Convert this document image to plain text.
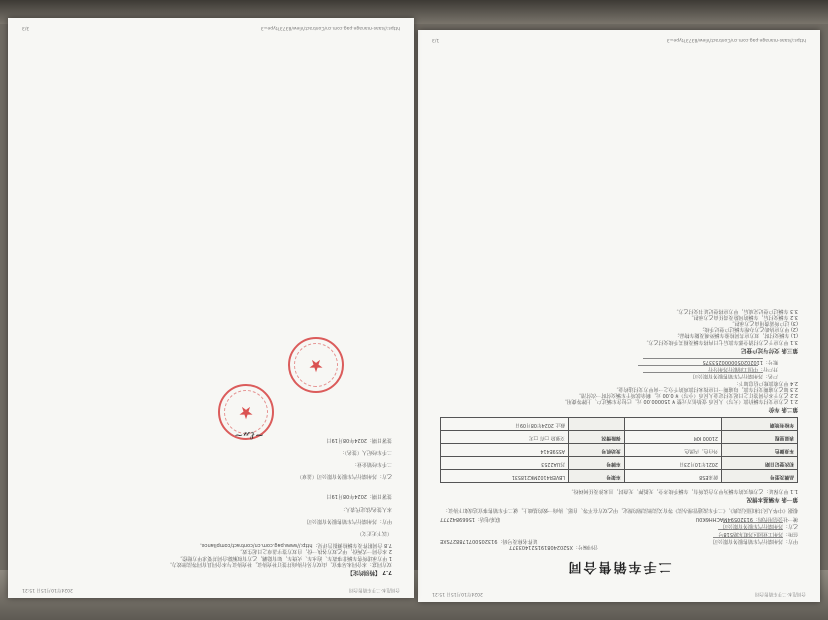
合同范本·二手车销售合同
2024年10月15日 15:21
二手车销售合同
合同编号：XS202408191521403377
甲方：苏州瑞行汽车销售服务有限公司
证件名称及号码：913205007178827SXE
住所：苏州工业园区苏虹东路518号
乙方：苏州瑞行汽车服务有限公司
统一社会信用代码：91320594MACHH6K0U
联系电话：15669842777
根据《中华人民共和国民法典》、《二手车流通管理办法》等有关法律法规的规定，甲乙双方在平等、自愿、协商一致的基础上，就二手车销售事宜达成如下协议：
第一条 车辆基本情况
1.1 甲方保证：乙方购买的车辆为甲方合法所有，车辆手续齐全，无抵押、无查封，且未涉及任何纠纷。
品牌及型号	蔚来ES8	车架号	LBVER4102MK218531
初次登记日期	2021年10月23日	车牌号	苏UA2253
车身颜色	外白色，内黑色	发动机号	A559E414
表显里程	21000 KM	保险情况	交强险 □有 □无
年检有效期			截止 2024年08月09日
第二条 车价
2.1 乙方应支付车辆价款（大写）人民币 壹拾伍万元整 ¥ 150000.00 元，已包含车辆过户、上牌等费用。
2.2 乙方于本合同签订之日起支付定金人民币（小写）¥ 0.00 元，剩余款项于车辆交付时一次付清。
2.3 如乙方逾期支付车款，每逾期一日应按未付款项的千分之一向甲方支付违约金。
2.4 甲方收款账户信息如下：
户名：苏州瑞行汽车销售服务有限公司
开户行：中国工商银行苏州分行
账号：1102020500000253375
第三条 交付与过户登记
3.1 甲方应于乙方付清全部车款后七日内将车辆及相关手续交付乙方。
(1) 车辆交付时，双方应共同检验车辆外观及随车物品；
(2) 甲方应协助乙方办理车辆过户登记手续；
(3) 过户所需费用由乙方承担。
3.2 车辆交付后，车辆的风险及责任由乙方承担。
3.3 车辆过户登记完成后，甲方应将登记证书交付乙方。
https://saas-manage.pag.com.cn/Contract/View/8373?type=3
1/3
合同范本·二手车销售合同
2024年10月15日 15:21
7.7 【特别约定】
双方同意：本合同未尽事宜，由双方另行协商并签订补充协议，补充协议与本合同具有同等法律效力。
1 甲方承诺所售车辆非事故车、泡水车、火烧车，如有隐瞒，乙方有权解除合同并要求甲方赔偿。
2 本合同一式两份，甲乙双方各执一份，自双方签字盖章之日起生效。
7.8 合同附件及车辆检测报告详见：http://www.pag.com.cn/contract/compliance。
（以下无正文）
甲方：苏州瑞行汽车销售服务有限公司
本人签名/法定代表人：
签署日期：2024年08月19日
乙方：苏州瑞行汽车服务有限公司（盖章）
二手车经销企业：
二手车经纪人（签名）：
签署日期：2024年08月19日
★
★
~ℓ𝓃~
https://saas-manage.pag.com.cn/Contract/View/8373?type=3
3/3
